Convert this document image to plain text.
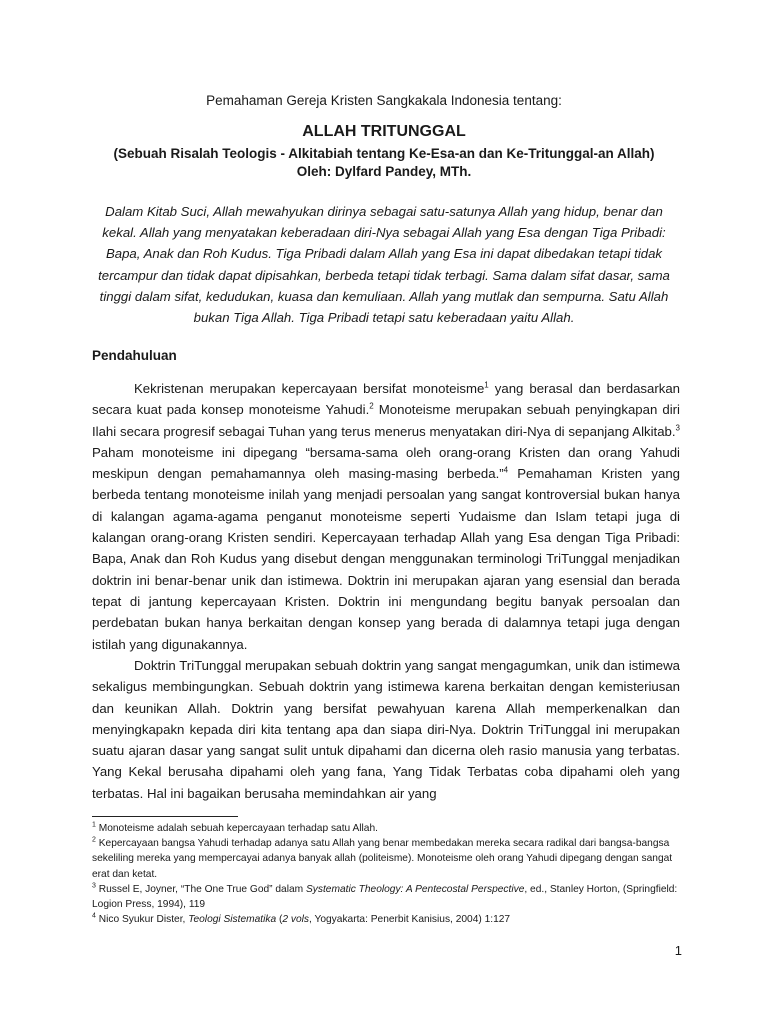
Pemahaman Gereja Kristen Sangkakala Indonesia tentang:

ALLAH TRITUNGGAL

(Sebuah Risalah Teologis - Alkitabiah tentang Ke-Esa-an dan Ke-Tritunggal-an Allah)

Oleh: Dylfard Pandey, MTh.

Dalam Kitab Suci, Allah mewahyukan dirinya sebagai satu-satunya Allah yang hidup, benar dan kekal. Allah yang menyatakan keberadaan diri-Nya sebagai Allah yang Esa dengan Tiga Pribadi: Bapa, Anak dan Roh Kudus. Tiga Pribadi dalam Allah yang Esa ini dapat dibedakan tetapi tidak tercampur dan tidak dapat dipisahkan, berbeda tetapi tidak terbagi. Sama dalam sifat dasar, sama tinggi dalam sifat, kedudukan, kuasa dan kemuliaan. Allah yang mutlak dan sempurna. Satu Allah bukan Tiga Allah. Tiga Pribadi tetapi satu keberadaan yaitu Allah.

Pendahuluan

Kekristenan merupakan kepercayaan bersifat monoteisme$^1$ yang berasal dan berdasarkan secara kuat pada konsep monoteisme Yahudi.$^2$ Monoteisme merupakan sebuah penyingkapan diri Ilahi secara progresif sebagai Tuhan yang terus menerus menyatakan diri-Nya di sepanjang Alkitab.$^3$ Paham monoteisme ini dipegang “bersama-sama oleh orang-orang Kristen dan orang Yahudi meskipun dengan pemahamannya oleh masing-masing berbeda.”$^4$ Pemahaman Kristen yang berbeda tentang monoteisme inilah yang menjadi persoalan yang sangat kontroversial bukan hanya di kalangan agama-agama penganut monoteisme seperti Yudaisme dan Islam tetapi juga di kalangan orang-orang Kristen sendiri. Kepercayaan terhadap Allah yang Esa dengan Tiga Pribadi: Bapa, Anak dan Roh Kudus yang disebut dengan menggunakan terminologi TriTunggal menjadikan doktrin ini benar-benar unik dan istimewa. Doktrin ini merupakan ajaran yang esensial dan berada tepat di jantung kepercayaan Kristen. Doktrin ini mengundang begitu banyak persoalan dan perdebatan bukan hanya berkaitan dengan konsep yang berada di dalamnya tetapi juga dengan istilah yang digunakannya.

Doktrin TriTunggal merupakan sebuah doktrin yang sangat mengagumkan, unik dan istimewa sekaligus membingungkan. Sebuah doktrin yang istimewa karena berkaitan dengan kemisteriusan dan keunikan Allah. Doktrin yang bersifat pewahyuan karena Allah memperkenalkan dan menyingkapakn kepada diri kita tentang apa dan siapa diri-Nya. Doktrin TriTunggal ini merupakan suatu ajaran dasar yang sangat sulit untuk dipahami dan dicerna oleh rasio manusia yang terbatas. Yang Kekal berusaha dipahami oleh yang fana, Yang Tidak Terbatas coba dipahami oleh yang terbatas. Hal ini bagaikan berusaha memindahkan air yang

$^1$ Monoteisme adalah sebuah kepercayaan terhadap satu Allah.

$^2$ Kepercayaan bangsa Yahudi terhadap adanya satu Allah yang benar membedakan mereka secara radikal dari bangsa-bangsa sekeliling mereka yang mempercayai adanya banyak allah (politeisme). Monoteisme oleh orang Yahudi dipegang dengan sangat erat dan ketat.

$^3$ Russel E, Joyner, “The One True God” dalam Systematic Theology: A Pentecostal Perspective, ed., Stanley Horton, (Springfield: Logion Press, 1994), 119

$^4$ Nico Syukur Dister, Teologi Sistematika (2 vols, Yogyakarta: Penerbit Kanisius, 2004) 1:127

1
